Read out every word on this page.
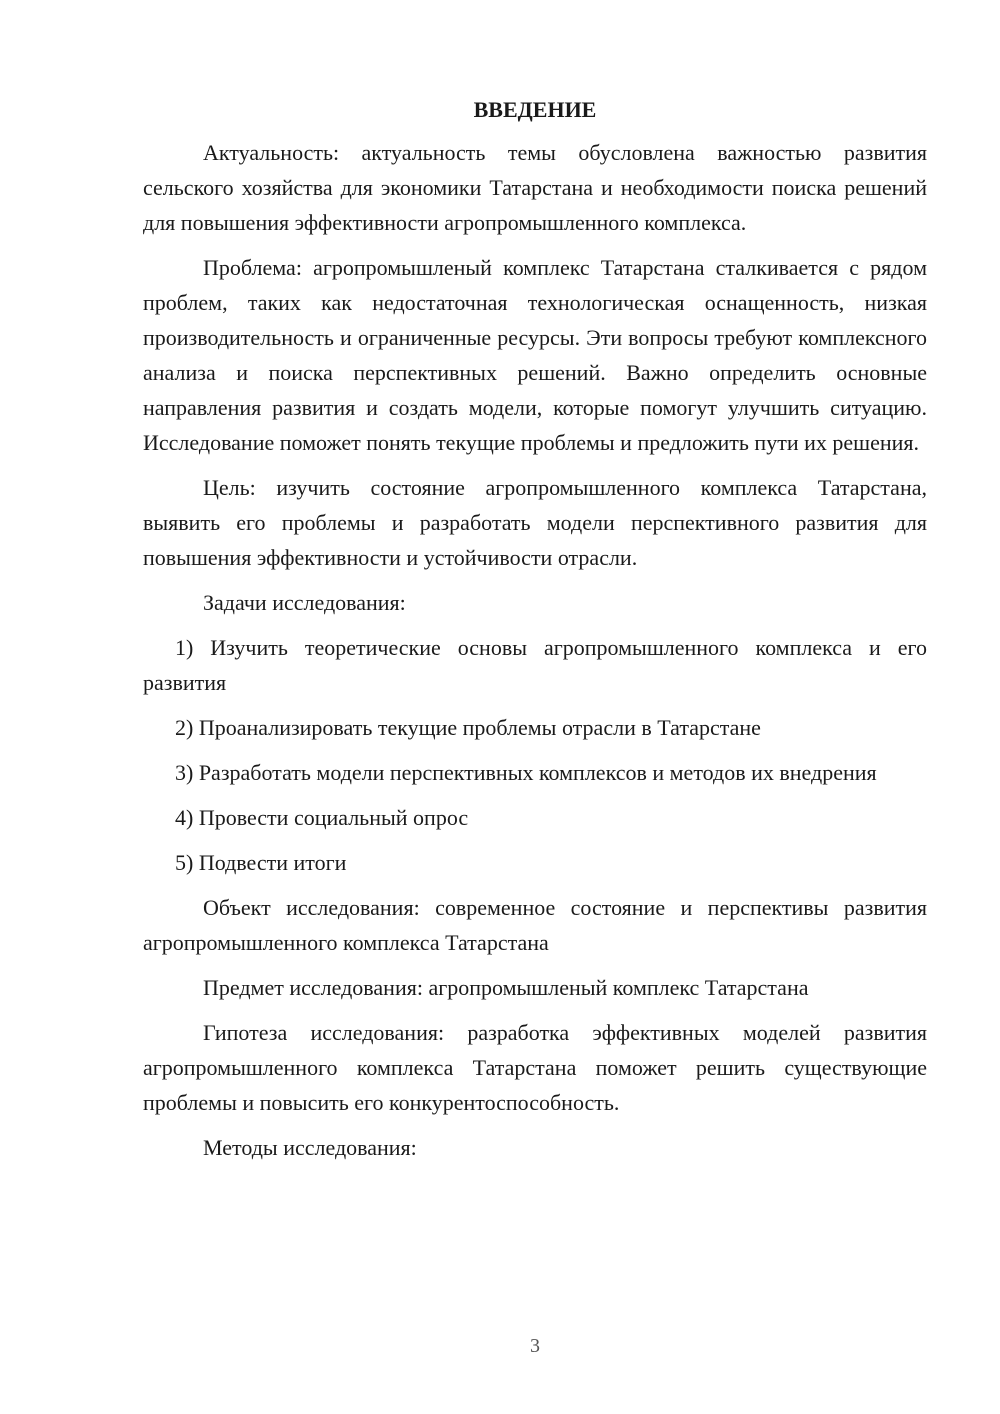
ВВЕДЕНИЕ

Актуальность: актуальность темы обусловлена важностью развития сельского хозяйства для экономики Татарстана и необходимости поиска решений для повышения эффективности агропромышленного комплекса.

Проблема: агропромышленый комплекс Татарстана сталкивается с рядом проблем, таких как недостаточная технологическая оснащенность, низкая производительность и ограниченные ресурсы. Эти вопросы требуют комплексного анализа и поиска перспективных решений. Важно определить основные направления развития и создать модели, которые помогут улучшить ситуацию. Исследование поможет понять текущие проблемы и предложить пути их решения.

Цель: изучить состояние агропромышленного комплекса Татарстана, выявить его проблемы и разработать модели перспективного развития для повышения эффективности и устойчивости отрасли.

Задачи исследования:

1) Изучить теоретические основы агропромышленного комплекса и его развития

2) Проанализировать текущие проблемы отрасли в Татарстане

3) Разработать модели перспективных комплексов и методов их внедрения

4) Провести социальный опрос

5) Подвести итоги

Объект исследования: современное состояние и перспективы развития агропромышленного комплекса Татарстана

Предмет исследования: агропромышленый комплекс Татарстана

Гипотеза исследования: разработка эффективных моделей развития агропромышленного комплекса Татарстана поможет решить существующие проблемы и повысить его конкурентоспособность.

Методы исследования:

3
